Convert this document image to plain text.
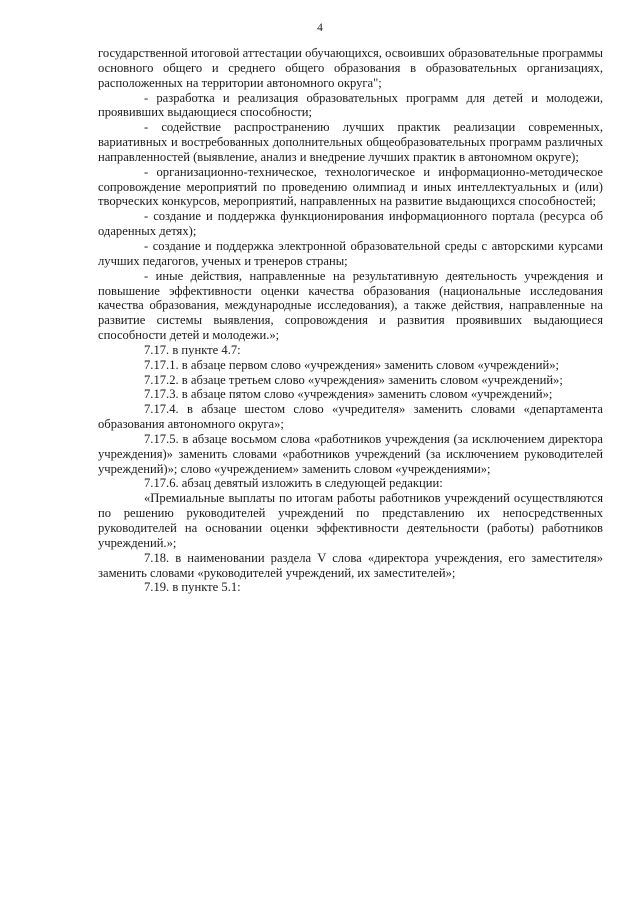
4

государственной итоговой аттестации обучающихся, освоивших образовательные программы основного общего и среднего общего образования в образовательных организациях, расположенных на территории автономного округа";

- разработка и реализация образовательных программ для детей и молодежи, проявивших выдающиеся способности;

- содействие распространению лучших практик реализации современных, вариативных и востребованных дополнительных общеобразовательных программ различных направленностей (выявление, анализ и внедрение лучших практик в автономном округе);

- организационно-техническое, технологическое и информационно-методическое сопровождение мероприятий по проведению олимпиад и иных интеллектуальных и (или) творческих конкурсов, мероприятий, направленных на развитие выдающихся способностей;

- создание и поддержка функционирования информационного портала (ресурса об одаренных детях);

- создание и поддержка электронной образовательной среды с авторскими курсами лучших педагогов, ученых и тренеров страны;

- иные действия, направленные на результативную деятельность учреждения и повышение эффективности оценки качества образования (национальные исследования качества образования, международные исследования), а также действия, направленные на развитие системы выявления, сопровождения и развития проявивших выдающиеся способности детей и молодежи.»;

7.17. в пункте 4.7:

7.17.1. в абзаце первом слово «учреждения» заменить словом «учреждений»;

7.17.2. в абзаце третьем слово «учреждения» заменить словом «учреждений»;

7.17.3. в абзаце пятом слово «учреждения» заменить словом «учреждений»;

7.17.4. в абзаце шестом слово «учредителя» заменить словами «департамента образования автономного округа»;

7.17.5. в абзаце восьмом слова «работников учреждения (за исключением директора учреждения)» заменить словами «работников учреждений (за исключением руководителей учреждений)»; слово «учреждением» заменить словом «учреждениями»;

7.17.6. абзац девятый изложить в следующей редакции:

«Премиальные выплаты по итогам работы работников учреждений осуществляются по решению руководителей учреждений по представлению их непосредственных руководителей на основании оценки эффективности деятельности (работы) работников учреждений.»;

7.18. в наименовании раздела V слова «директора учреждения, его заместителя» заменить словами «руководителей учреждений, их заместителей»;

7.19. в пункте 5.1:
